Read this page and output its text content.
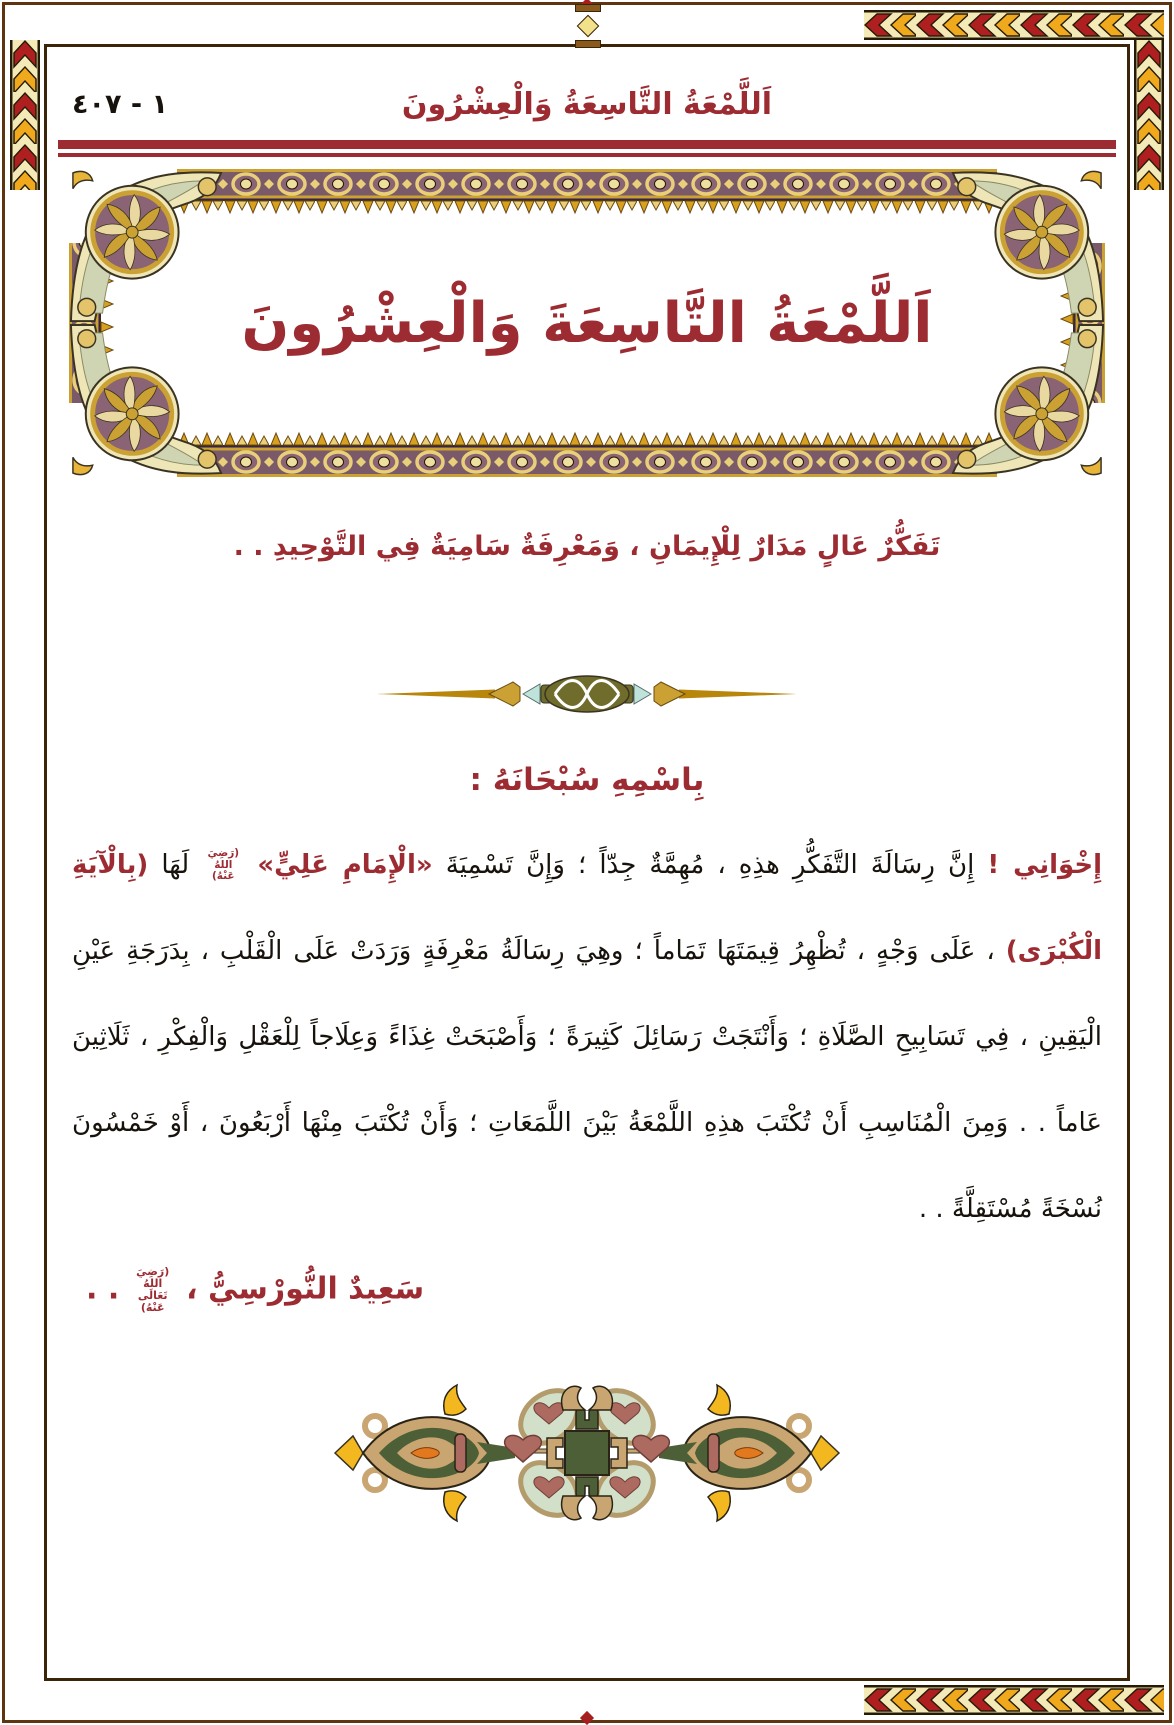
اَللَّمْعَةُ التَّاسِعَةُ وَالْعِشْرُونَ
١ - ٤٠٧
اَللَّمْعَةُ التَّاسِعَةَ وَالْعِشْرُونَ
تَفَكُّرٌ عَالٍ مَدَارٌ لِلْإِيمَانِ ، وَمَعْرِفَةٌ سَامِيَةٌ فِي التَّوْحِيدِ . .
بِاسْمِهِ سُبْحَانَهُ :

إِخْوَانِي ! إِنَّ رِسَالَةَ التَّفَكُّرِ هذِهِ ، مُهِمَّةٌ جِدّاً ؛ وَإِنَّ تَسْمِيَةَ «الْإِمَامِ عَلِيٍّ» (رَضِيَ اللهُ عَنْهُ) لَهَا (بِالْآيَةِ الْكُبْرَى) ، عَلَى وَجْهٍ ، تُظْهِرُ قِيمَتَهَا تَمَاماً ؛ وهِيَ رِسَالَةُ مَعْرِفَةٍ وَرَدَتْ عَلَى الْقَلْبِ ، بِدَرَجَةِ عَيْنِ الْيَقِينِ ، فِي تَسَابِيحِ الصَّلَاةِ ؛ وَأَنْتَجَتْ رَسَائِلَ كَثِيرَةً ؛ وَأَصْبَحَتْ غِذَاءً وَعِلَاجاً لِلْعَقْلِ وَالْفِكْرِ ، ثَلَاثِينَ عَاماً . . وَمِنَ الْمُنَاسِبِ أَنْ تُكْتَبَ هذِهِ اللَّمْعَةُ بَيْنَ اللَّمَعَاتِ ؛ وَأَنْ تُكْتَبَ مِنْهَا أَرْبَعُونَ ، أَوْ خَمْسُونَ نُسْخَةً مُسْتَقِلَّةً . .

سَعِيدٌ النُّورْسِيُّ ، (رَضِيَ اللهُ تَعَالَى عَنْهُ) . .
